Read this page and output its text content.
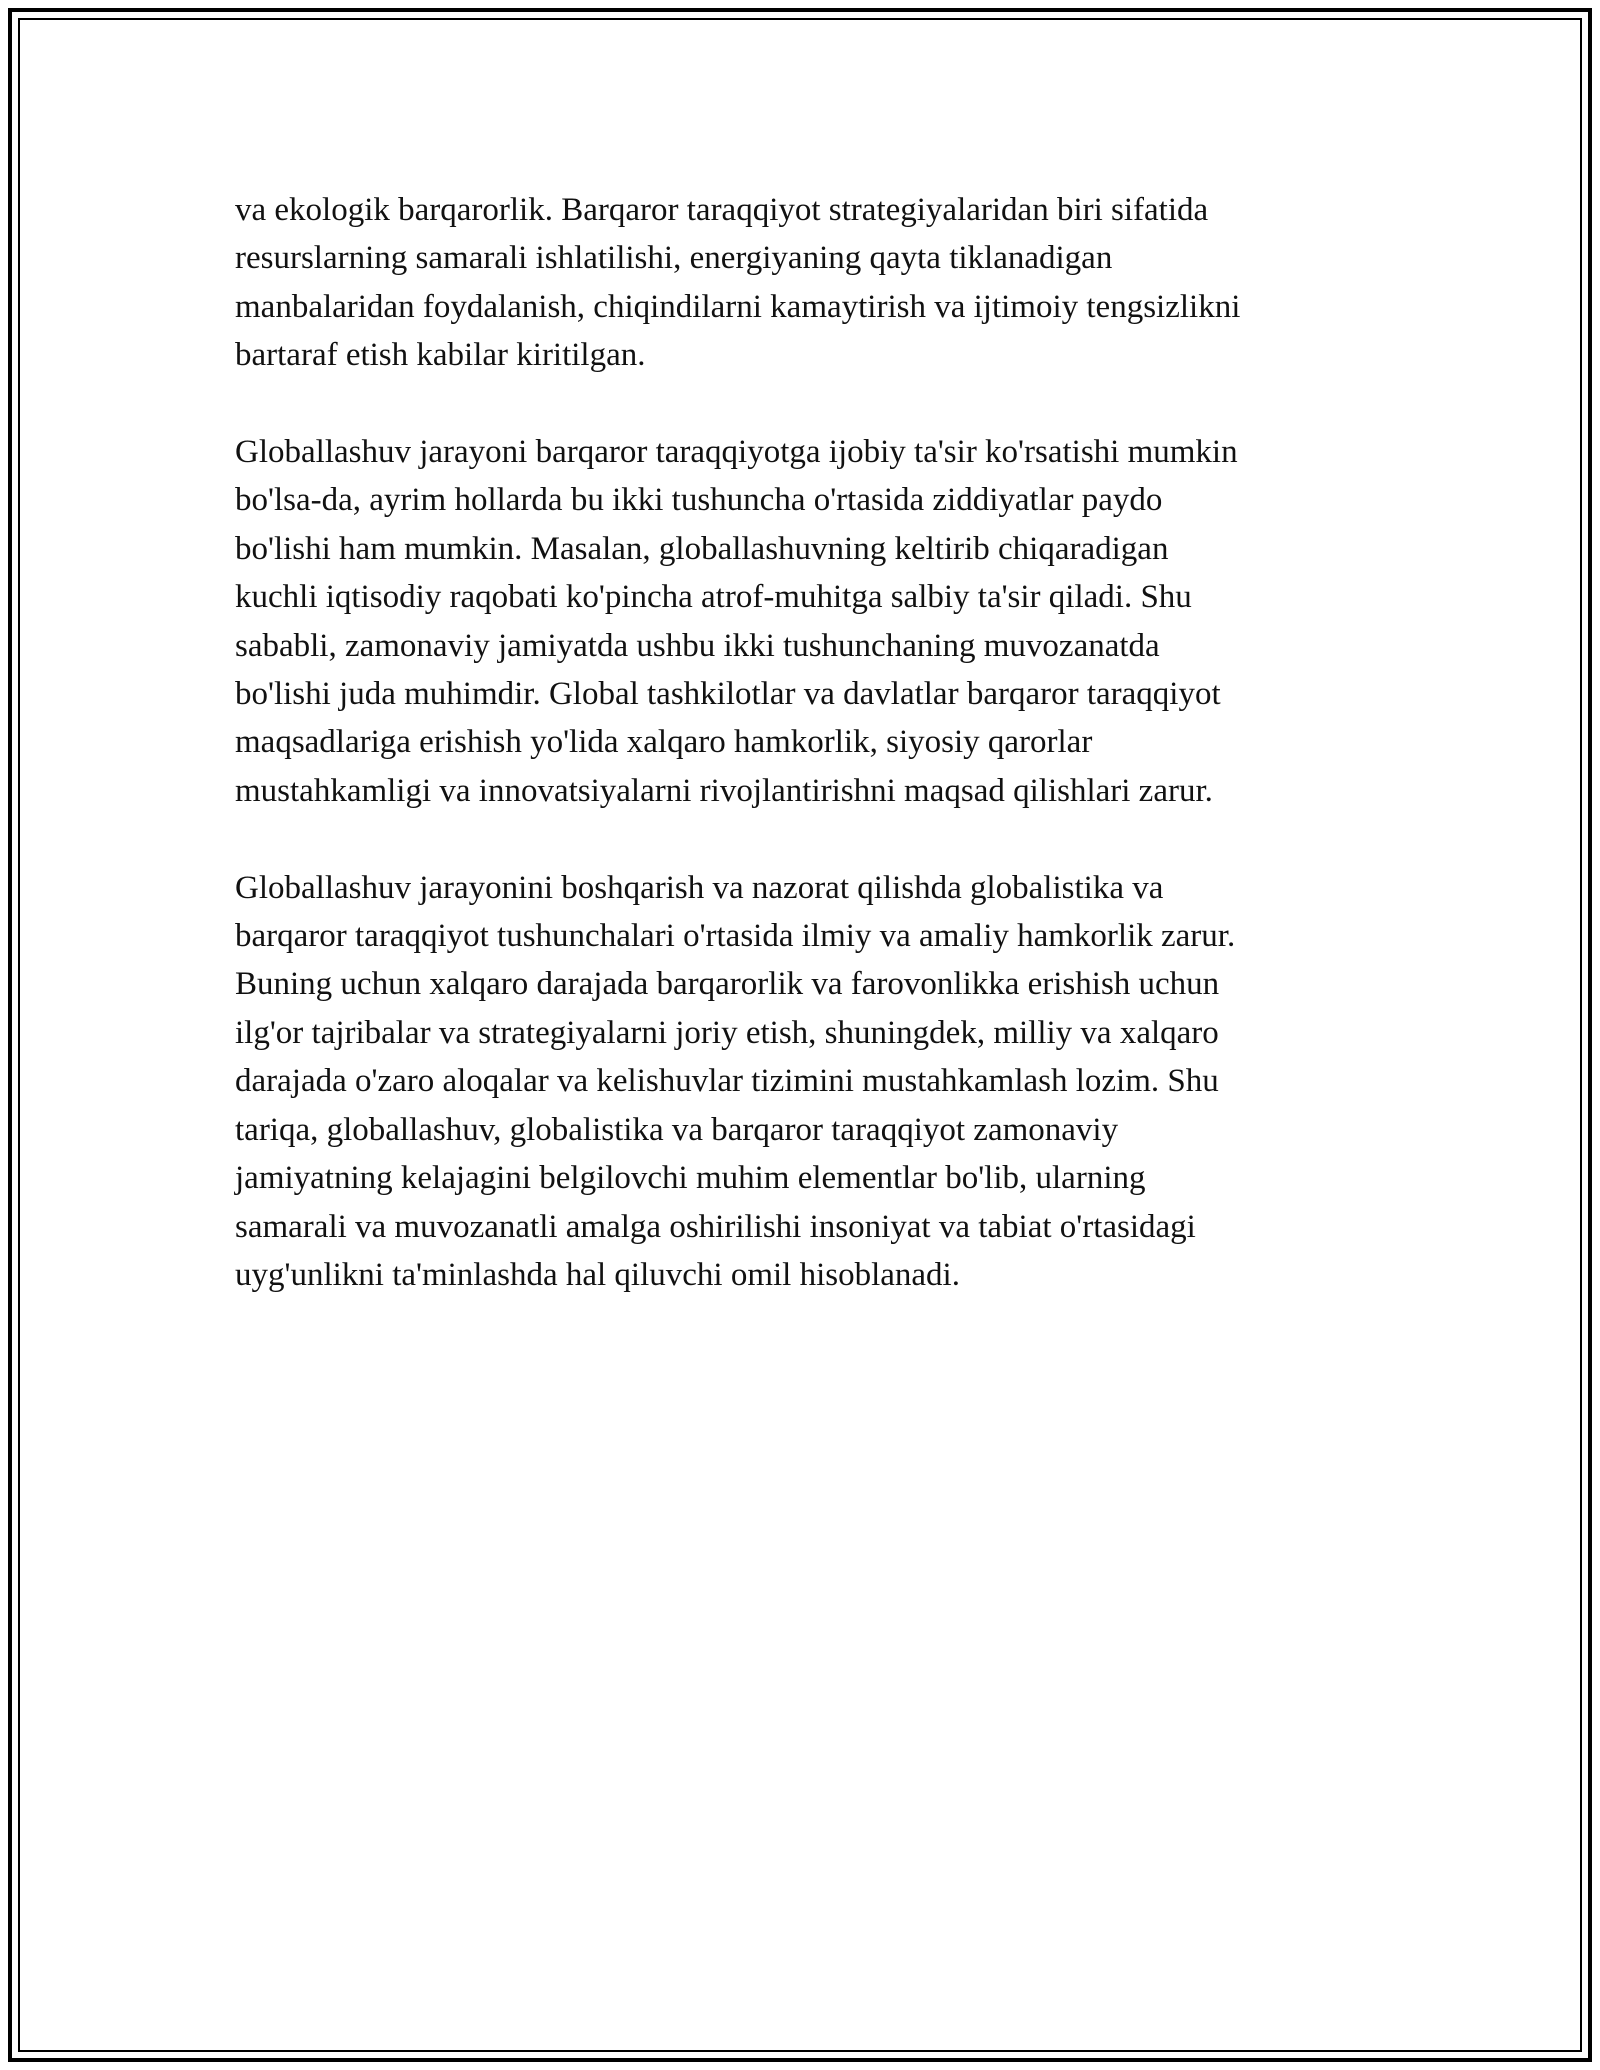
va ekologik barqarorlik. Barqaror taraqqiyot strategiyalaridan biri sifatida
resurslarning samarali ishlatilishi, energiyaning qayta tiklanadigan
manbalaridan foydalanish, chiqindilarni kamaytirish va ijtimoiy tengsizlikni
bartaraf etish kabilar kiritilgan.

Globallashuv jarayoni barqaror taraqqiyotga ijobiy ta'sir ko'rsatishi mumkin
bo'lsa-da, ayrim hollarda bu ikki tushuncha o'rtasida ziddiyatlar paydo
bo'lishi ham mumkin. Masalan, globallashuvning keltirib chiqaradigan
kuchli iqtisodiy raqobati ko'pincha atrof-muhitga salbiy ta'sir qiladi. Shu
sababli, zamonaviy jamiyatda ushbu ikki tushunchaning muvozanatda
bo'lishi juda muhimdir. Global tashkilotlar va davlatlar barqaror taraqqiyot
maqsadlariga erishish yo'lida xalqaro hamkorlik, siyosiy qarorlar
mustahkamligi va innovatsiyalarni rivojlantirishni maqsad qilishlari zarur.

Globallashuv jarayonini boshqarish va nazorat qilishda globalistika va
barqaror taraqqiyot tushunchalari o'rtasida ilmiy va amaliy hamkorlik zarur.
Buning uchun xalqaro darajada barqarorlik va farovonlikka erishish uchun
ilg'or tajribalar va strategiyalarni joriy etish, shuningdek, milliy va xalqaro
darajada o'zaro aloqalar va kelishuvlar tizimini mustahkamlash lozim. Shu
tariqa, globallashuv, globalistika va barqaror taraqqiyot zamonaviy
jamiyatning kelajagini belgilovchi muhim elementlar bo'lib, ularning
samarali va muvozanatli amalga oshirilishi insoniyat va tabiat o'rtasidagi
uyg'unlikni ta'minlashda hal qiluvchi omil hisoblanadi.
